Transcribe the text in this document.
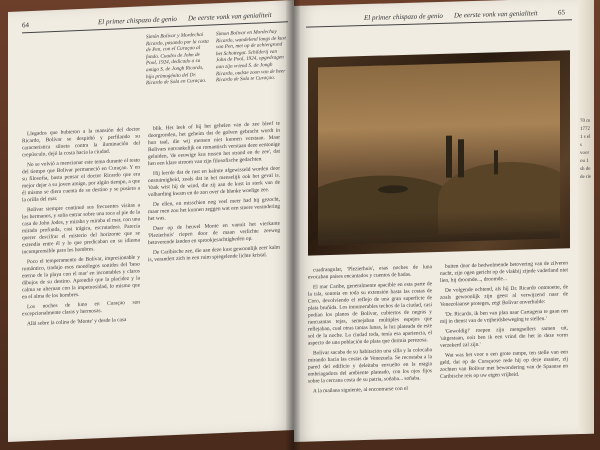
64	El primer chispazo de genio De eerste vonk van genialiteit
Simón Bolívar y Mordechai Ricardo, pasando por la costa de Pen, con el Curaçao al fondo. Cuadro de John de Pool, 1924, dedicado a su amigo S. de Jongh Ricardo, hijo primogénito del Dr. Ricardo de Sola en Curaçao.
Simon Bolivar en Mordechay Ricardo, wandelend langs de kust van Pen, met op de achtergrond het Schottegat. Schilderij van John de Pool, 1924, opgedragen aan zijn vriend S. de Jongh Ricardo, oudste zoon van de heer Ricardo de Sola te Curaçao.

Llegados que hubieron a la mansión del doctor Ricardo, Bolívar se despidió y perfilando su característica silueta contra la iluminación del crepúsculo, dejó la costa hacia la ciudad.

No se volvió a mencionar este tema durante el resto del tiempo que Bolívar permaneció en Curaçao. Y en su filosofía, basta pensar el doctor Ricardo que era mejor dejar a su joven amigo, por algún tiempo, a que él mismo se diera cuenta de su destino y se pusiera a la orilla del mar.

Bolívar siempre continuó sus frecuentes visitas a los hermanos, y solía entrar sobre una roca al pie de la casa de John Jodes, y miraba y miraba el mar, con una mirada profunda, casi trágica, escrutadora. Parecía querer descifrar el misterio del horizonte que se extendía entre él y lo que predicaban en su idioma incomprensible para los hombres.

Poco el temperamento de Bolívar, impresionable y romántico, tradujo esos monólogos sonidos del 'beso eterno de la playa con el mar' en incontables y claros dibujos de su destino. Aprendió que la placidez y la calma se alternan con la impetuosidad, lo mismo que en el alma de los hombres.

Los noches de luna en Curaçao son excepcionalmente claras y hermosas.

Allá sobre la colina de 'Monte' y desde la casa

blik. Het leek of hij het gehelen van de zee bleef te doorgronden, het geheim dat de golven gebracht wordt in hun taal, die wij mensen niet kunnen verstaan. Maar Bolívars ontvankelijk en romantisch verstaan deze eentonige geluiden, 'de eeuwige kus tussen het strand en de zee', dat hen een klare stroom van zijn filosofische gedachten.

Hij leerde dat de rust en kalmte afgewisseld worden door onstuimigheid, zoals dat in het menselijk ook het geval is. Vaak wist hij de wind, die zij aan de kust in sterk van de volharding kwam en de zon over de blanke woelige zee.

De ellen, en misschien nog veel meer had hij gezocht, maar men zou het kunnen zeggen wat een stoere verandering het was.

Daar op de heuvel Monte en vanuit het vierkante 'Plezierhuis' riepen door de maan verlichte zeeweg betoverende landen en sprookjesachtigheden op.

De Caribische zee, die aan deze kust gewoonlijk zeer kalm is, verandert zich in een ruim spiegelende lichte kristal.

El primer chispazo de genio De eerste vonk van genialiteit	65

cuadrangular, 'Plezierhuis', esas noches de luna evocaban países encantados y cuentos de hadas.

El mar Caribe, generalmente apacible en esta parte de la isla, sonreía en toda su extensión hasta las costas de Coro, devolviendo el reflejo de una gran superficie de plata bruñida. Los innumerables techos de la ciudad, casi podían los planos de Bolívar, cubiertos de negras y rancuantas tejas, semejaban múltiples espejos que reflejaban, cual otras tantas lunas, la luz plateada de este sol de la noche. La ciudad toda, tenía esa apariencia, el aspecto de una población de plata que dormía perezosa.

Bolívar sacaba de su habitación una silla y la colocaba mirando hacia las costas de Venezuela. Se recostaba a la pared del edificio y deleitaba envuelto en la magia embriagadora del ambiente plateado, con los ojos fijos sobre la cercana costa de su patria, soñaba... soñaba.

A la mañana siguiente, al encontrarse con el

buiten door de bedwelmende betovering van de zilveren nacht, zijn ogen gericht op de vlakbij zijnde vaderland niet lien, hij droomde..., droomde...

De volgende ochtend, als hij Dr. Ricardo ontmoette, de zoals gewoonlijk zijn geest al verwijzend naar de Venezolaanse proteges, zegt Bolívar onverhulde:

'Dr. Ricardo, ik ben van plan naar Cartagena te gaan om mij in dienst van de vrijheidsbeweging te stellen.'

'Gewoldig!' roepen zijn mengsellers samen uit, 'uitgestaan, ooit ben ik een vrind die het in deze vorm verzekerd zal zijn.'

Wat was het voor u een grote rampe, ten stelle van een geld, dat op de Curaçaose rede hij op deze manier, zij zochten van Bolívar met bewondering van de Spaanse en Caribische reis op uw eigen vrijheid.

70 m 1772 1 s el s voor ou 1 sh de de rie
